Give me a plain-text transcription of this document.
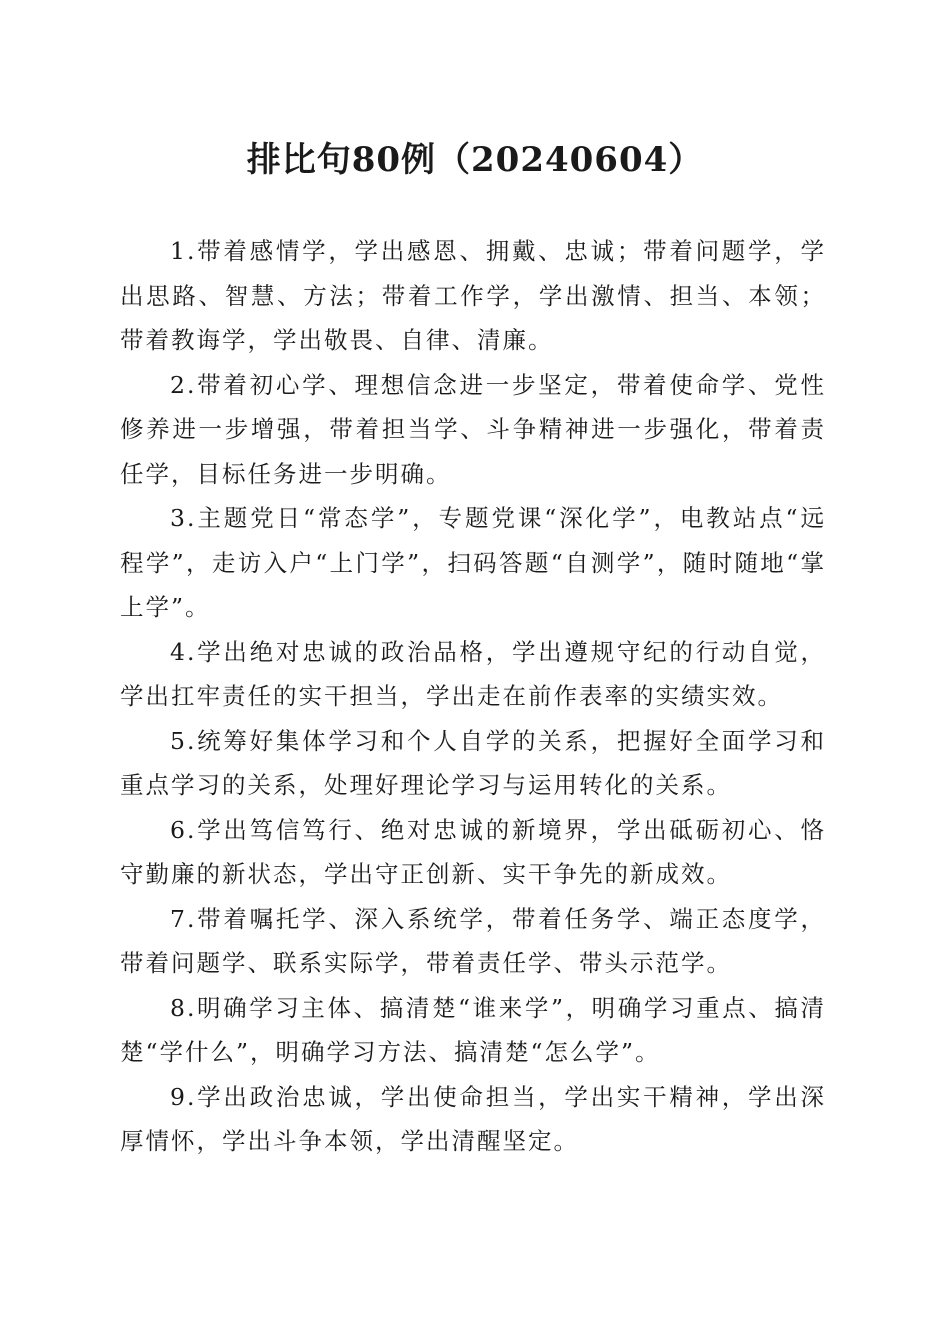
排比句80例（20240604）

1.带着感情学，学出感恩、拥戴、忠诚；带着问题学，学出思路、智慧、方法；带着工作学，学出激情、担当、本领；带着教诲学，学出敬畏、自律、清廉。

2.带着初心学、理想信念进一步坚定，带着使命学、党性修养进一步增强，带着担当学、斗争精神进一步强化，带着责任学，目标任务进一步明确。

3.主题党日“常态学”，专题党课“深化学”，电教站点“远程学”，走访入户“上门学”，扫码答题“自测学”，随时随地“掌上学”。

4.学出绝对忠诚的政治品格，学出遵规守纪的行动自觉，学出扛牢责任的实干担当，学出走在前作表率的实绩实效。

5.统筹好集体学习和个人自学的关系，把握好全面学习和重点学习的关系，处理好理论学习与运用转化的关系。

6.学出笃信笃行、绝对忠诚的新境界，学出砥砺初心、恪守勤廉的新状态，学出守正创新、实干争先的新成效。

7.带着嘱托学、深入系统学，带着任务学、端正态度学，带着问题学、联系实际学，带着责任学、带头示范学。

8.明确学习主体、搞清楚“谁来学”，明确学习重点、搞清楚“学什么”，明确学习方法、搞清楚“怎么学”。

9.学出政治忠诚，学出使命担当，学出实干精神，学出深厚情怀，学出斗争本领，学出清醒坚定。
